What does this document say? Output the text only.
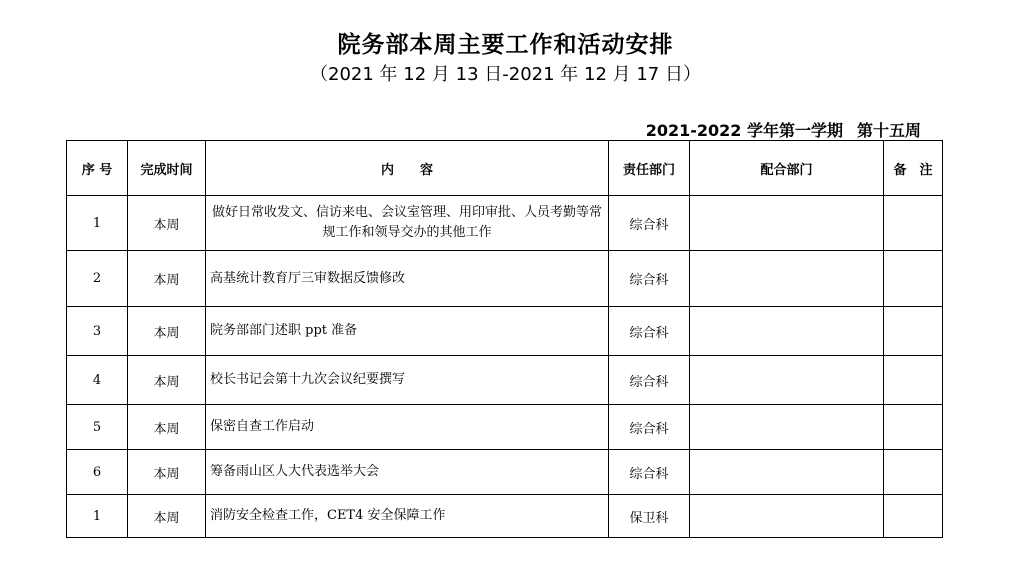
院务部本周主要工作和活动安排
（2021 年 12 月 13 日-2021 年 12 月 17 日）
2021-2022 学年第一学期 第十五周
序 号	完成时间	内　　容	责任部门	配合部门	备　注
1	本周	做好日常收发文、信访来电、会议室管理、用印审批、人员考勤等常规工作和领导交办的其他工作	综合科		
2	本周	高基统计教育厅三审数据反馈修改	综合科		
3	本周	院务部部门述职 ppt 准备	综合科		
4	本周	校长书记会第十九次会议纪要撰写	综合科		
5	本周	保密自查工作启动	综合科		
6	本周	筹备雨山区人大代表选举大会	综合科		
1	本周	消防安全检查工作，CET4 安全保障工作	保卫科		
